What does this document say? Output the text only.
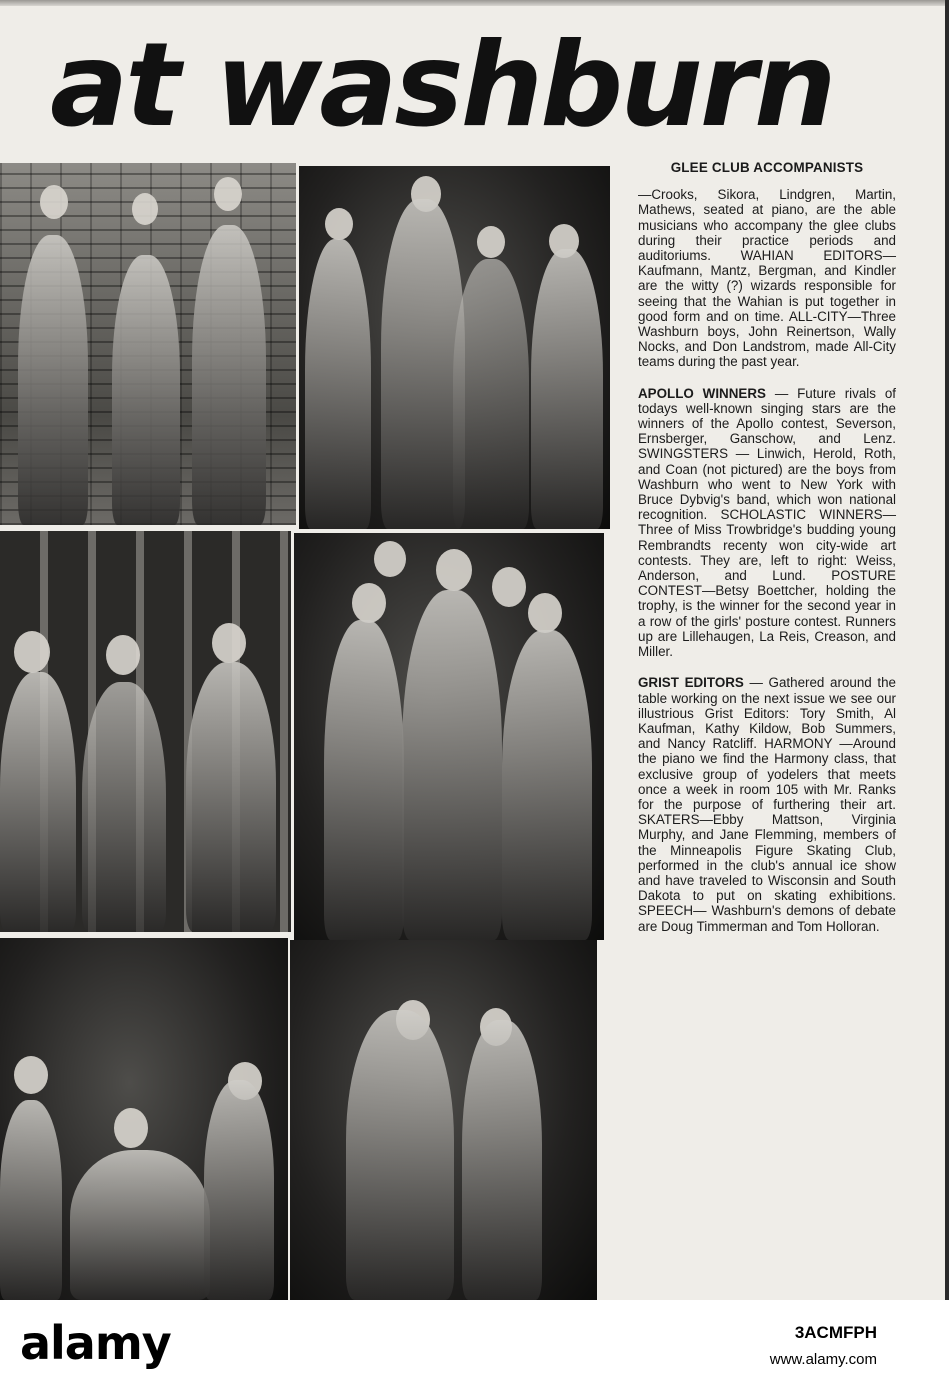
at washburn
GLEE CLUB ACCOMPANISTS

—Crooks, Sikora, Lindgren, Martin, Mathews, seated at piano, are the able musicians who accompany the glee clubs during their practice periods and auditoriums. WAHIAN EDITORS—Kaufmann, Mantz, Bergman, and Kindler are the witty (?) wizards responsible for seeing that the Wahian is put together in good form and on time. ALL-CITY—Three Washburn boys, John Reinertson, Wally Nocks, and Don Landstrom, made All-City teams during the past year.

APOLLO WINNERS — Future rivals of todays well-known singing stars are the winners of the Apollo contest, Severson, Ernsberger, Ganschow, and Lenz. SWINGSTERS — Linwich, Herold, Roth, and Coan (not pictured) are the boys from Washburn who went to New York with Bruce Dybvig's band, which won national recognition. SCHOLASTIC WINNERS—Three of Miss Trowbridge's budding young Rembrandts recenty won city-wide art contests. They are, left to right: Weiss, Anderson, and Lund. POSTURE CONTEST—Betsy Boettcher, holding the trophy, is the winner for the second year in a row of the girls' posture contest. Runners up are Lillehaugen, La Reis, Creason, and Miller.

GRIST EDITORS — Gathered around the table working on the next issue we see our illustrious Grist Editors: Tory Smith, Al Kaufman, Kathy Kildow, Bob Summers, and Nancy Ratcliff. HARMONY —Around the piano we find the Harmony class, that exclusive group of yodelers that meets once a week in room 105 with Mr. Ranks for the purpose of furthering their art. SKATERS—Ebby Mattson, Virginia Murphy, and Jane Flemming, members of the Minneapolis Figure Skating Club, performed in the club's annual ice show and have traveled to Wisconsin and South Dakota to put on skating exhibitions. SPEECH— Washburn's demons of debate are Doug Timmerman and Tom Holloran.

alamy	3ACMFPH

www.alamy.com
